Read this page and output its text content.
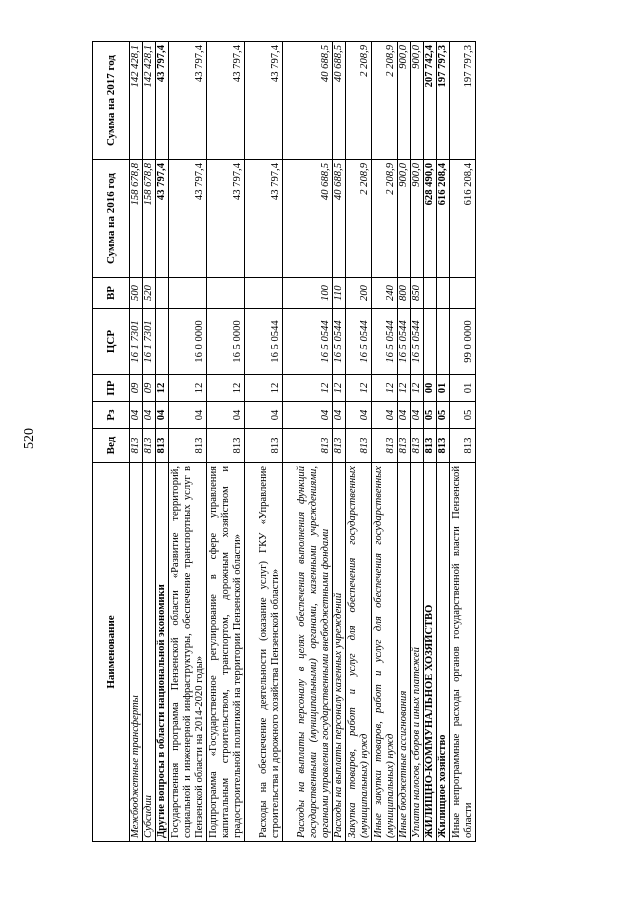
520
Наименование	Вед	Рз	ПР	ЦСР	ВР	Сумма на 2016 год	Сумма на 2017 год
Межбюджетные трансферты	813	04	09	16 1 7301	500	158 678,8	142 428,1
Субсидии	813	04	09	16 1 7301	520	158 678,8	142 428,1
Другие вопросы в области национальной экономики	813	04	12			43 797,4	43 797,4
Государственная программа Пензенской области «Развитие территорий, социальной и инженерной инфраструктуры, обеспечение транспортных услуг в Пензенской области на 2014-2020 годы»	813	04	12	16 0 0000		43 797,4	43 797,4
Подпрограмма «Государственное регулирование в сфере управления капитальным строительством, транспортом, дорожным хозяйством и градостроительной политикой на территории Пензенской области»	813	04	12	16 5 0000		43 797,4	43 797,4
Расходы на обеспечение деятельности (оказание услуг) ГКУ «Управление строительства и дорожного хозяйства Пензенской области»	813	04	12	16 5 0544		43 797,4	43 797,4
Расходы на выплаты персоналу в целях обеспечения выполнения функций государственными (муниципальными) органами, казенными учреждениями, органами управления государственными внебюджетными фондами	813	04	12	16 5 0544	100	40 688,5	40 688,5
Расходы на выплаты персоналу казенных учреждений	813	04	12	16 5 0544	110	40 688,5	40 688,5
Закупка товаров, работ и услуг для обеспечения государственных (муниципальных) нужд	813	04	12	16 5 0544	200	2 208,9	2 208,9
Иные закупки товаров, работ и услуг для обеспечения государственных (муниципальных) нужд	813	04	12	16 5 0544	240	2 208,9	2 208,9
Иные бюджетные ассигнования	813	04	12	16 5 0544	800	900,0	900,0
Уплата налогов, сборов и иных платежей	813	04	12	16 5 0544	850	900,0	900,0
ЖИЛИЩНО-КОММУНАЛЬНОЕ ХОЗЯЙСТВО	813	05	00			628 490,0	207 742,4
Жилищное хозяйство	813	05	01			616 208,4	197 797,3
Иные непрограммные расходы органов государственной власти Пензенской области	813	05	01	99 0 0000		616 208,4	197 797,3
